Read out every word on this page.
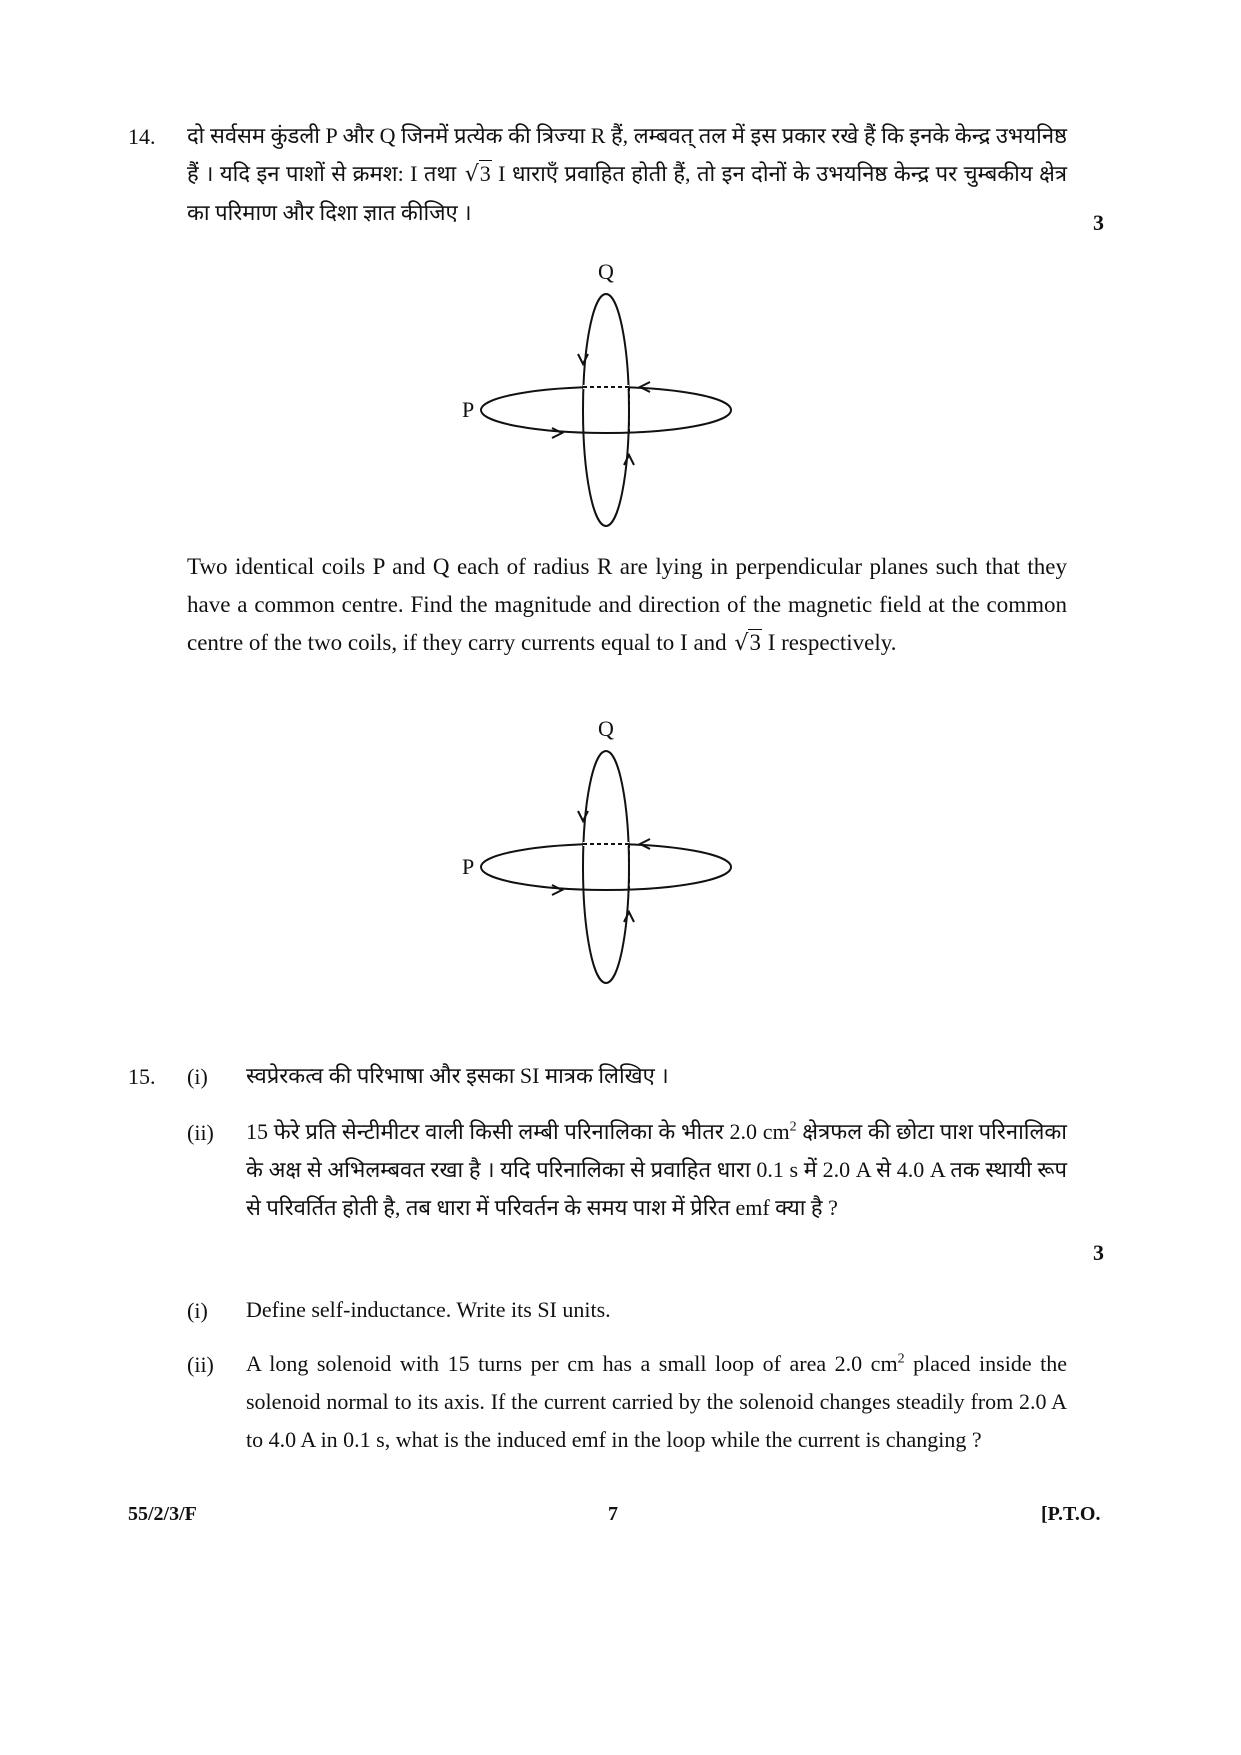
14. दो सर्वसम कुंडली P और Q जिनमें प्रत्येक की त्रिज्या R हैं, लम्बवत् तल में इस प्रकार रखे हैं कि इनके केन्द्र उभयनिष्ठ हैं । यदि इन पाशों से क्रमश: I तथा √3 I धाराएँ प्रवाहित होती हैं, तो इन दोनों के उभयनिष्ठ केन्द्र पर चुम्बकीय क्षेत्र का परिमाण और दिशा ज्ञात कीजिए ।	3
Q
P
Two identical coils P and Q each of radius R are lying in perpendicular planes such that they have a common centre. Find the magnitude and direction of the magnetic field at the common centre of the two coils, if they carry currents equal to I and √3 I respectively.
Q
P
15. (i) स्वप्रेरकत्व की परिभाषा और इसका SI मात्रक लिखिए ।
(ii) 15 फेरे प्रति सेन्टीमीटर वाली किसी लम्बी परिनालिका के भीतर 2.0 $cm^2$ क्षेत्रफल की छोटा पाश परिनालिका के अक्ष से अभिलम्बवत रखा है । यदि परिनालिका से प्रवाहित धारा 0.1 s में 2.0 A से 4.0 A तक स्थायी रूप से परिवर्तित होती है, तब धारा में परिवर्तन के समय पाश में प्रेरित emf क्या है ?
3
(i) Define self-inductance. Write its SI units.
(ii) A long solenoid with 15 turns per cm has a small loop of area 2.0 $cm^2$ placed inside the solenoid normal to its axis. If the current carried by the solenoid changes steadily from 2.0 A to 4.0 A in 0.1 s, what is the induced emf in the loop while the current is changing ?
55/2/3/F	7	[P.T.O.
